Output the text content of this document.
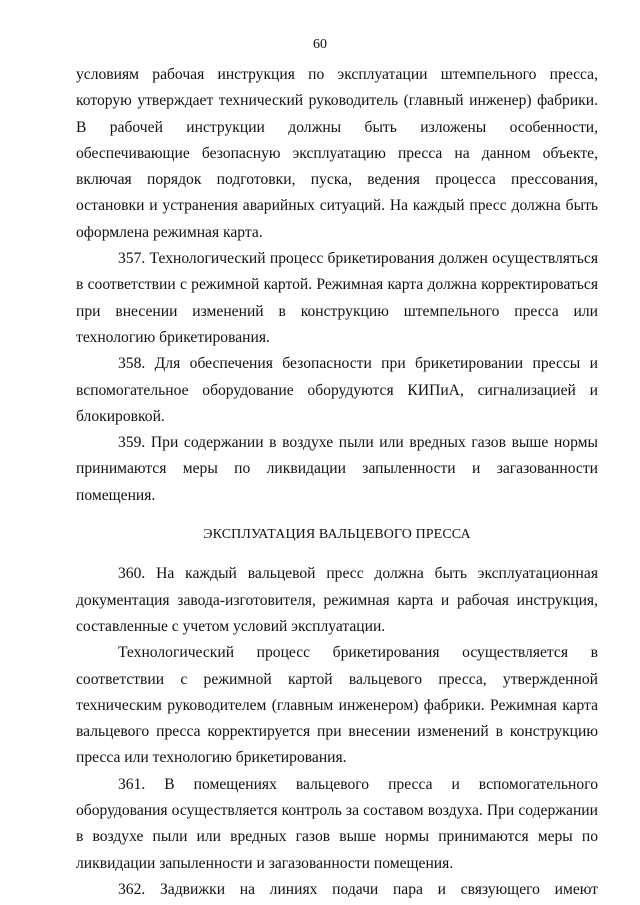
60

условиям рабочая инструкция по эксплуатации штемпельного пресса, которую утверждает технический руководитель (главный инженер) фабрики. В рабочей инструкции должны быть изложены особенности, обеспечивающие безопасную эксплуатацию пресса на данном объекте, включая порядок подготовки, пуска, ведения процесса прессования, остановки и устранения аварийных ситуаций. На каждый пресс должна быть оформлена режимная карта.

357. Технологический процесс брикетирования должен осуществляться в соответствии с режимной картой. Режимная карта должна корректироваться при внесении изменений в конструкцию штемпельного пресса или технологию брикетирования.

358. Для обеспечения безопасности при брикетировании прессы и вспомогательное оборудование оборудуются КИПиА, сигнализацией и блокировкой.

359. При содержании в воздухе пыли или вредных газов выше нормы принимаются меры по ликвидации запыленности и загазованности помещения.

ЭКСПЛУАТАЦИЯ ВАЛЬЦЕВОГО ПРЕССА

360. На каждый вальцевой пресс должна быть эксплуатационная документация завода-изготовителя, режимная карта и рабочая инструкция, составленные с учетом условий эксплуатации.

Технологический процесс брикетирования осуществляется в соответствии с режимной картой вальцевого пресса, утвержденной техническим руководителем (главным инженером) фабрики. Режимная карта вальцевого пресса корректируется при внесении изменений в конструкцию пресса или технологию брикетирования.

361. В помещениях вальцевого пресса и вспомогательного оборудования осуществляется контроль за составом воздуха. При содержании в воздухе пыли или вредных газов выше нормы принимаются меры по ликвидации запыленности и загазованности помещения.

362. Задвижки на линиях подачи пара и связующего имеют
